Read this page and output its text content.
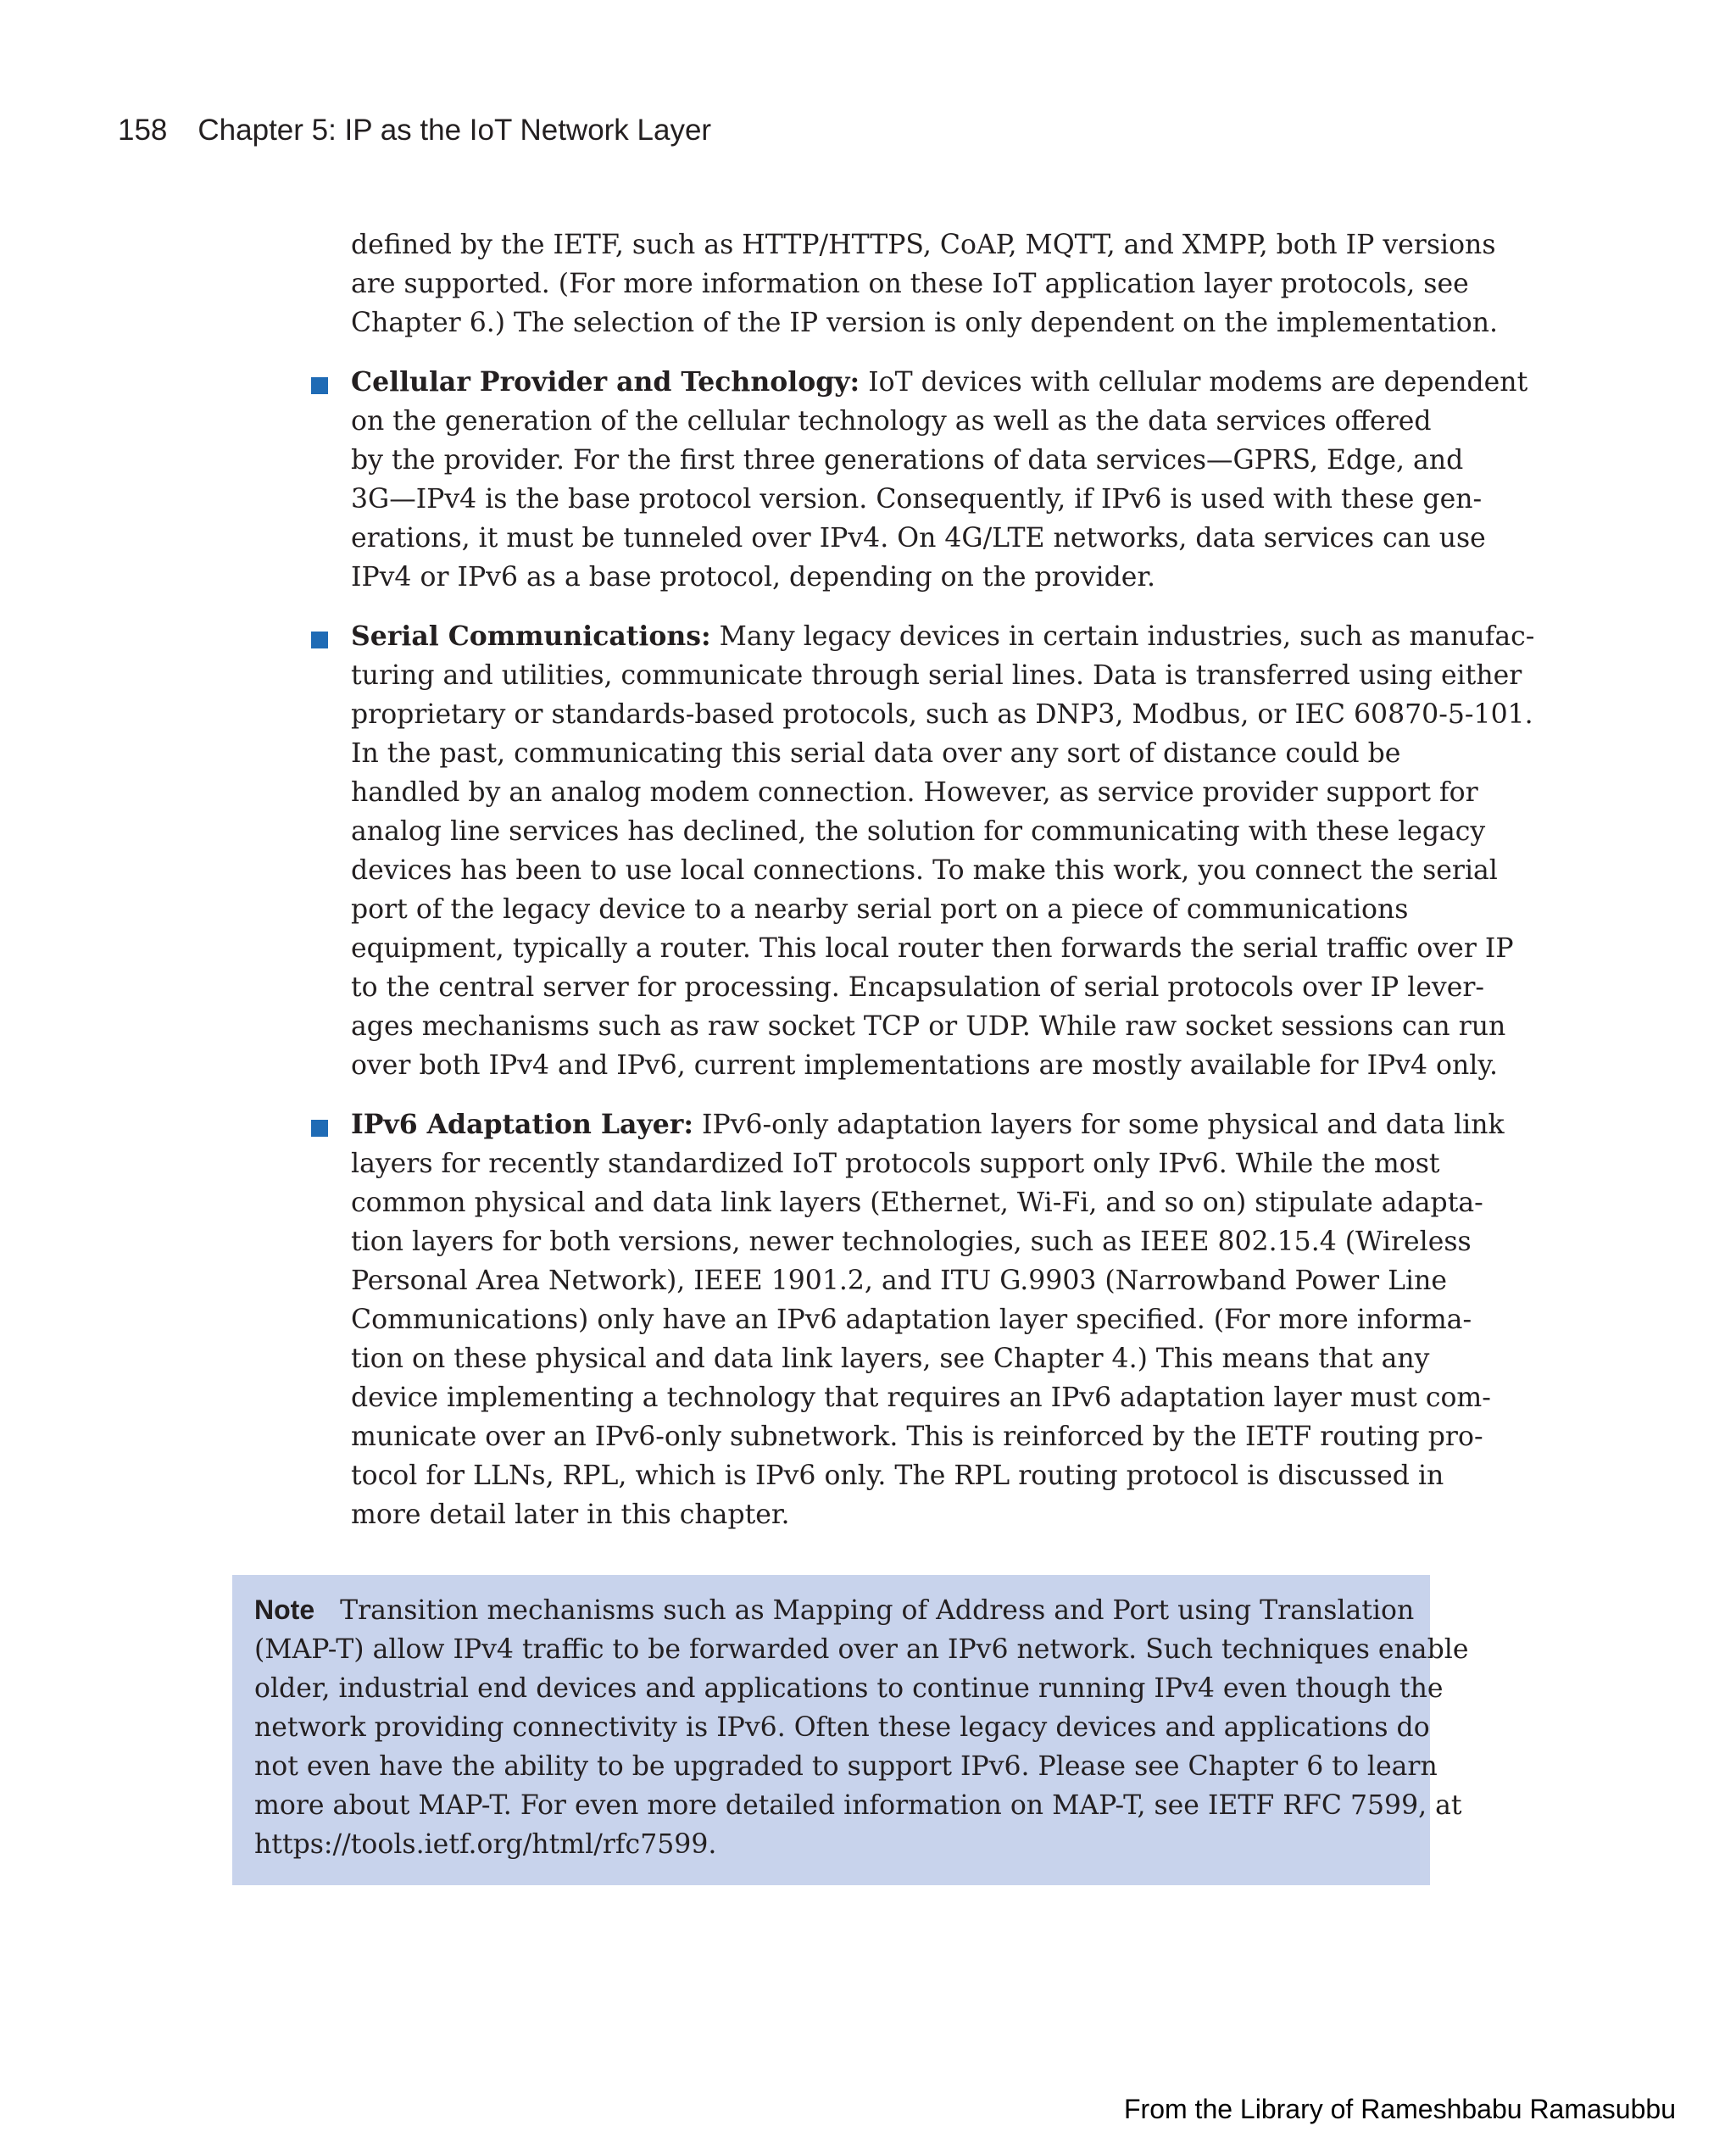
158 Chapter 5: IP as the IoT Network Layer
defined by the IETF, such as HTTP/HTTPS, CoAP, MQTT, and XMPP, both IP versions
are supported. (For more information on these IoT application layer protocols, see
Chapter 6.) The selection of the IP version is only dependent on the implementation.
Cellular Provider and Technology: IoT devices with cellular modems are dependent
on the generation of the cellular technology as well as the data services offered
by the provider. For the first three generations of data services—GPRS, Edge, and
3G—IPv4 is the base protocol version. Consequently, if IPv6 is used with these gen-
erations, it must be tunneled over IPv4. On 4G/LTE networks, data services can use
IPv4 or IPv6 as a base protocol, depending on the provider.
Serial Communications: Many legacy devices in certain industries, such as manufac-
turing and utilities, communicate through serial lines. Data is transferred using either
proprietary or standards-based protocols, such as DNP3, Modbus, or IEC 60870-5-101.
In the past, communicating this serial data over any sort of distance could be
handled by an analog modem connection. However, as service provider support for
analog line services has declined, the solution for communicating with these legacy
devices has been to use local connections. To make this work, you connect the serial
port of the legacy device to a nearby serial port on a piece of communications
equipment, typically a router. This local router then forwards the serial traffic over IP
to the central server for processing. Encapsulation of serial protocols over IP lever-
ages mechanisms such as raw socket TCP or UDP. While raw socket sessions can run
over both IPv4 and IPv6, current implementations are mostly available for IPv4 only.
IPv6 Adaptation Layer: IPv6-only adaptation layers for some physical and data link
layers for recently standardized IoT protocols support only IPv6. While the most
common physical and data link layers (Ethernet, Wi-Fi, and so on) stipulate adapta-
tion layers for both versions, newer technologies, such as IEEE 802.15.4 (Wireless
Personal Area Network), IEEE 1901.2, and ITU G.9903 (Narrowband Power Line
Communications) only have an IPv6 adaptation layer specified. (For more informa-
tion on these physical and data link layers, see Chapter 4.) This means that any
device implementing a technology that requires an IPv6 adaptation layer must com-
municate over an IPv6-only subnetwork. This is reinforced by the IETF routing pro-
tocol for LLNs, RPL, which is IPv6 only. The RPL routing protocol is discussed in
more detail later in this chapter.
Note Transition mechanisms such as Mapping of Address and Port using Translation
(MAP-T) allow IPv4 traffic to be forwarded over an IPv6 network. Such techniques enable
older, industrial end devices and applications to continue running IPv4 even though the
network providing connectivity is IPv6. Often these legacy devices and applications do
not even have the ability to be upgraded to support IPv6. Please see Chapter 6 to learn
more about MAP-T. For even more detailed information on MAP-T, see IETF RFC 7599, at
https://tools.ietf.org/html/rfc7599.
From the Library of Rameshbabu Ramasubbu
